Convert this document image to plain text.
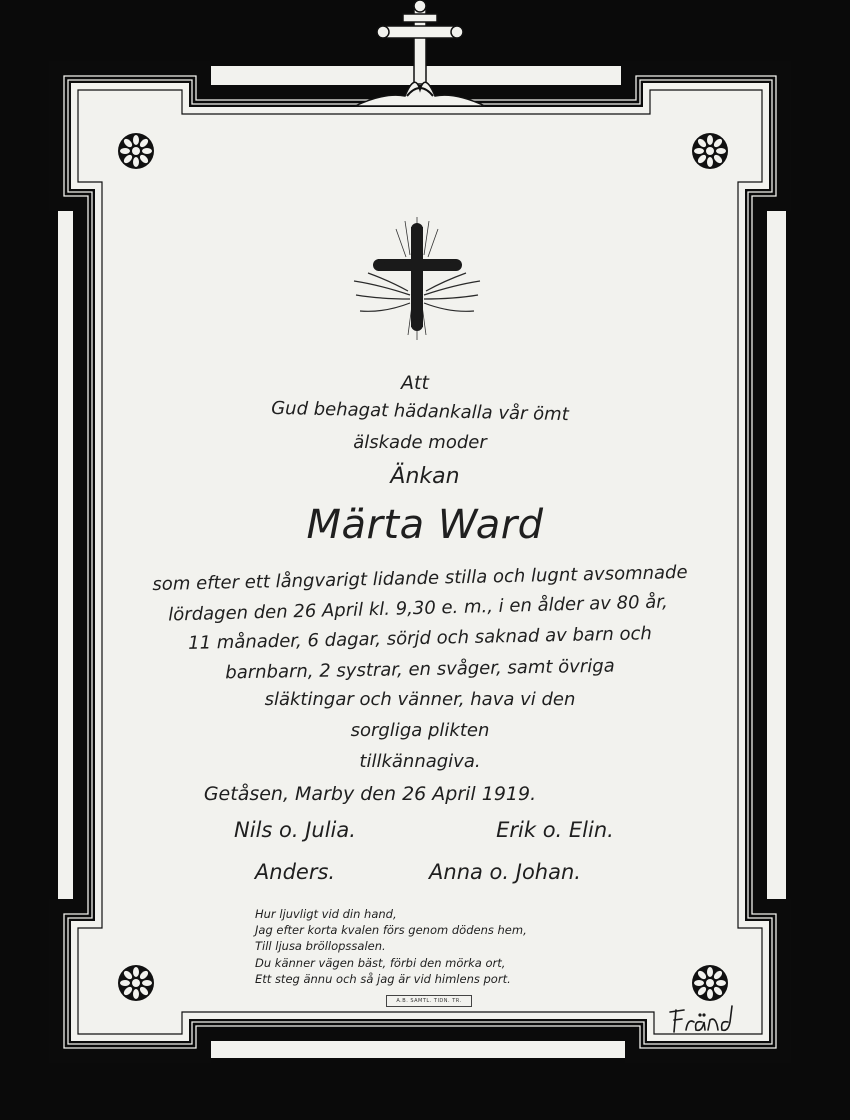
Att
Gud behagat hädankalla vår ömt
älskade moder
Änkan
Märta Ward
som efter ett långvarigt lidande stilla och lugnt avsomnade
lördagen den 26 April kl. 9,30 e. m., i en ålder av 80 år,
11 månader, 6 dagar, sörjd och saknad av barn och
barnbarn, 2 systrar, en svåger, samt övriga
släktingar och vänner, hava vi den
sorgliga plikten
tillkännagiva.
Getåsen, Marby den 26 April 1919.
Nils o. Julia.	Erik o. Elin.
Anders.	Anna o. Johan.
Hur ljuvligt vid din hand,
Jag efter korta kvalen förs genom dödens hem,
Till ljusa bröllopssalen.
Du känner vägen bäst, förbi den mörka ort,
Ett steg ännu och så jag är vid himlens port.
A.B. SAMTL. TIDN. TR.
